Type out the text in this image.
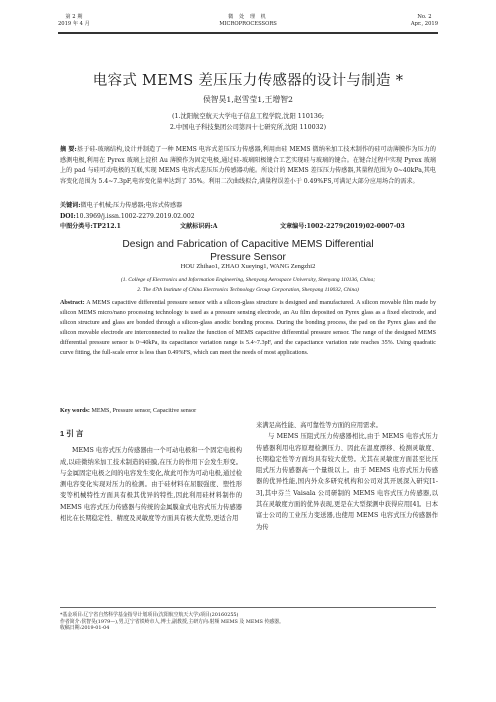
第 2 期
2019 年 4 月
微 处 理 机
MICROPROCESSORS
No. 2
Apr., 2019
电容式 MEMS 差压压力传感器的设计与制造 *
侯智昊1,赵雪莹1,王增智2
(1.沈阳航空航天大学电子信息工程学院,沈阳 110136;
2.中国电子科技集团公司第四十七研究所,沈阳 110032)
摘 要:基于硅-玻璃结构,设计并制造了一种 MEMS 电容式差压压力传感器,利用由硅 MEMS 微纳米加工技术制作的硅可动薄膜作为压力的感测电极,利用在 Pyrex 玻璃上淀积 Au 薄膜作为固定电极,通过硅-玻璃阳极键合工艺实现硅与玻璃的键合。在键合过程中实现 Pyrex 玻璃上的 pad 与硅可动电极的互联,实现 MEMS 电容式差压压力传感器功能。所设计的 MEMS 差压压力传感器,其量程范围为 0~40kPa,其电容变化范围为 5.4~7.3pF,电容变化量率达到了 35%。利用二次曲线拟合,满量程误差小于 0.49%FS,可满足大部分应用场合的需求。
关键词:微电子机械;压力传感器;电容式传感器
DOI:10.3969/j.issn.1002-2279.2019.02.002
中图分类号:TP212.1	文献标识码:A	文章编号:1002-2279(2019)02-0007-03
Design and Fabrication of Capacitive MEMS Differential
Pressure Sensor
HOU Zhihao1, ZHAO Xueying1, WANG Zengzhi2
(1. College of Electronics and Information Engineering, Shenyang Aerospace University, Shenyang 110136, China;
2. The 47th Institute of China Electronics Technology Group Corporation, Shenyang 110032, China)
Abstract: A MEMS capacitive differential pressure sensor with a silicon-glass structure is designed and manufactured. A silicon movable film made by silicon MEMS micro/nano processing technology is used as a pressure sensing electrode, an Au film deposited on Pyrex glass as a fixed electrode, and silicon structure and glass are bonded through a silicon-glass anodic bonding process. During the bonding process, the pad on the Pyrex glass and the silicon movable electrode are interconnected to realize the function of MEMS capacitive differential pressure sensor. The range of the designed MEMS differential pressure sensor is 0~40kPa, its capacitance variation range is 5.4~7.3pF, and the capacitance variation rate reaches 35%. Using quadratic curve fitting, the full-scale error is less than 0.49%FS, which can meet the needs of most applications.
Key words: MEMS, Pressure sensor, Capacitive sensor
1 引 言

MEMS 电容式压力传感器由一个可动电极和一个固定电极构成,以硅微纳米加工技术制造的硅膜,在压力的作用下会发生形变。与金属固定电极之间的电容发生变化,故此可作为可动电极,通过检测电容变化实现对压力的检测。由于硅材料在屈服强度、塑性形变等机械特性方面具有极其优异的特性,因此利用硅材料制作的 MEMS 电容式压力传感器与传统的金属膜盒式电容式压力传感器相比在长期稳定性、精度及灵敏度等方面具有极大优势,更适合用

来满足高性能、高可靠性等方面的应用需求。

与 MEMS 压阻式压力传感器相比,由于 MEMS 电容式压力传感器利用电容原理检测压力、因此在温度漂移、检测灵敏度、长期稳定性等方面均具有较大优势。尤其在灵敏度方面甚至比压阻式压力传感器高一个量级以上。由于 MEMS 电容式压力传感器的优异性能,国内外众多研究机构和公司对其开展深入研究[1-3],其中芬兰 Vaisala 公司研制的 MEMS 电容式压力传感器,以其在灵敏度方面的优异表现,更是在大型探测中获得应用[4]。日本富士公司的工业压力变送器,也使用 MEMS 电容式压力传感器作为传

*基金项目:辽宁省自然科学基金指导计划项目(沈阳航空航天大学)项目(20160255)
作者简介:侯智昊(1979—),男,辽宁省铁岭市人,博士,副教授,主研方向:射频 MEMS 及 MEMS 传感器。
收稿日期:2019-01-04
